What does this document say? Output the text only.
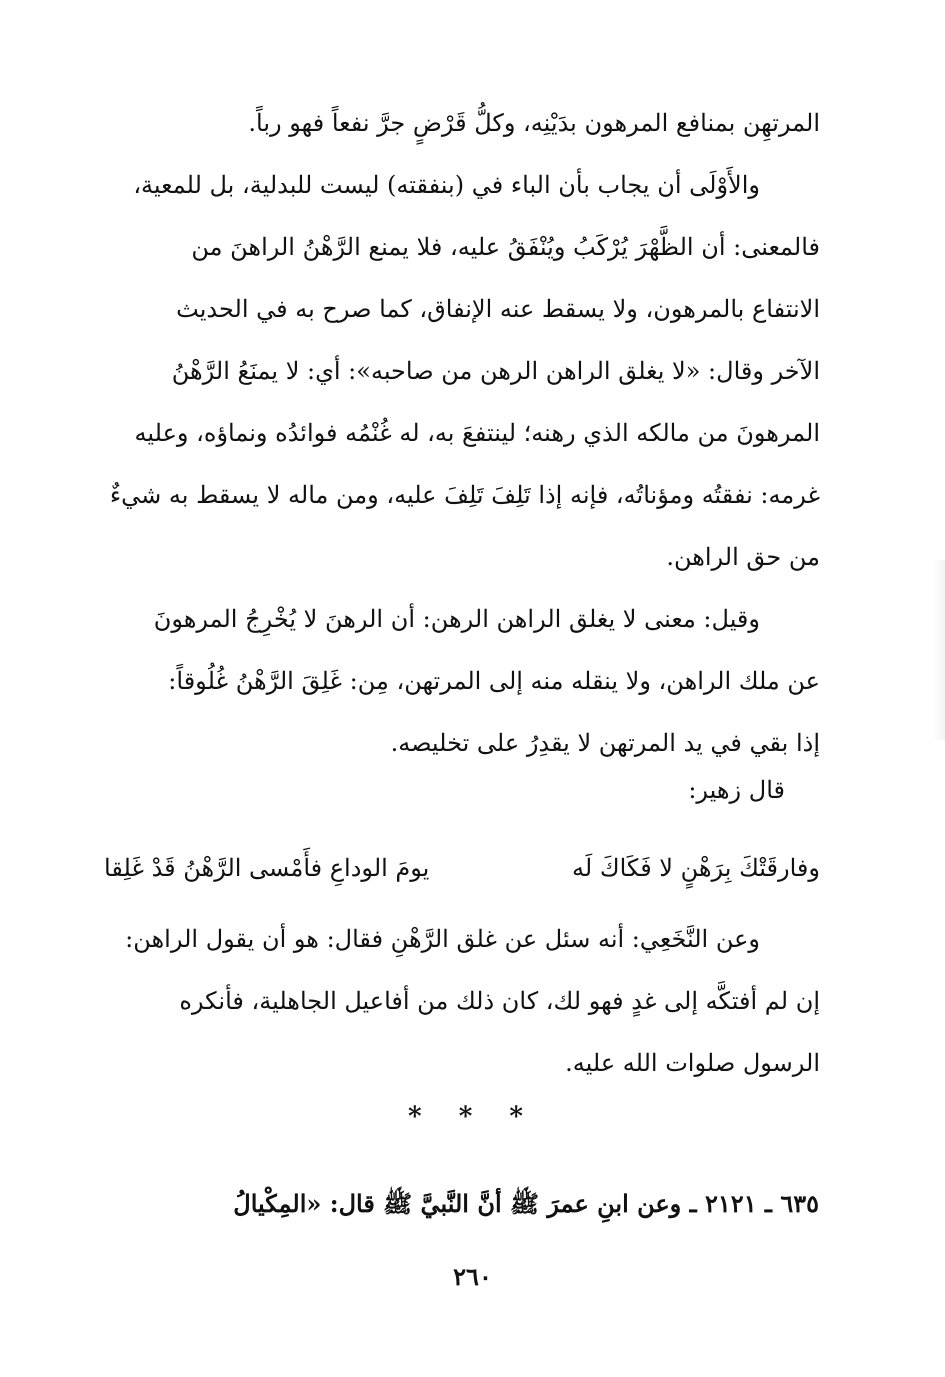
المرتهِن بمنافع المرهون بدَيْنِه، وكلُّ قَرْضٍ جرَّ نفعاً فهو رباً.

والأَوْلَى أن يجاب بأن الباء في (بنفقته) ليست للبدلية، بل للمعية،

فالمعنى: أن الظَّهْرَ يُرْكَبُ ويُنْفَقُ عليه، فلا يمنع الرَّهْنُ الراهنَ من

الانتفاع بالمرهون، ولا يسقط عنه الإنفاق، كما صرح به في الحديث

الآخر وقال: «لا يغلق الراهن الرهن من صاحبه»: أي: لا يمنَعُ الرَّهْنُ

المرهونَ من مالكه الذي رهنه؛ لينتفعَ به، له غُنْمُه فوائدُه ونماؤه، وعليه

غرمه: نفقتُه ومؤناتُه، فإنه إذا تَلِفَ تَلِفَ عليه، ومن ماله لا يسقط به شيءٌ

من حق الراهن.

وقيل: معنى لا يغلق الراهن الرهن: أن الرهنَ لا يُخْرِجُ المرهونَ

عن ملك الراهن، ولا ينقله منه إلى المرتهن، مِن: غَلِقَ الرَّهْنُ غُلُوقاً:

إذا بقي في يد المرتهن لا يقدِرُ على تخليصه.

قال زهير:
وفارقَتْكَ بِرَهْنٍ لا فَكَاكَ لَه
يومَ الوداعِ فأَمْسى الرَّهْنُ قَدْ غَلِقا

وعن النَّخَعِي: أنه سئل عن غلق الرَّهْنِ فقال: هو أن يقول الراهن:

إن لم أفتكَّه إلى غدٍ فهو لك، كان ذلك من أفاعيل الجاهلية، فأنكره

الرسول صلوات الله عليه.

* * *
٦٣٥ ـ ٢١٢١ ـ وعن ابنِ عمرَ ﷺ أنَّ النَّبيَّ ﷺ قال: «المِكْيالُ
٢٦٠
